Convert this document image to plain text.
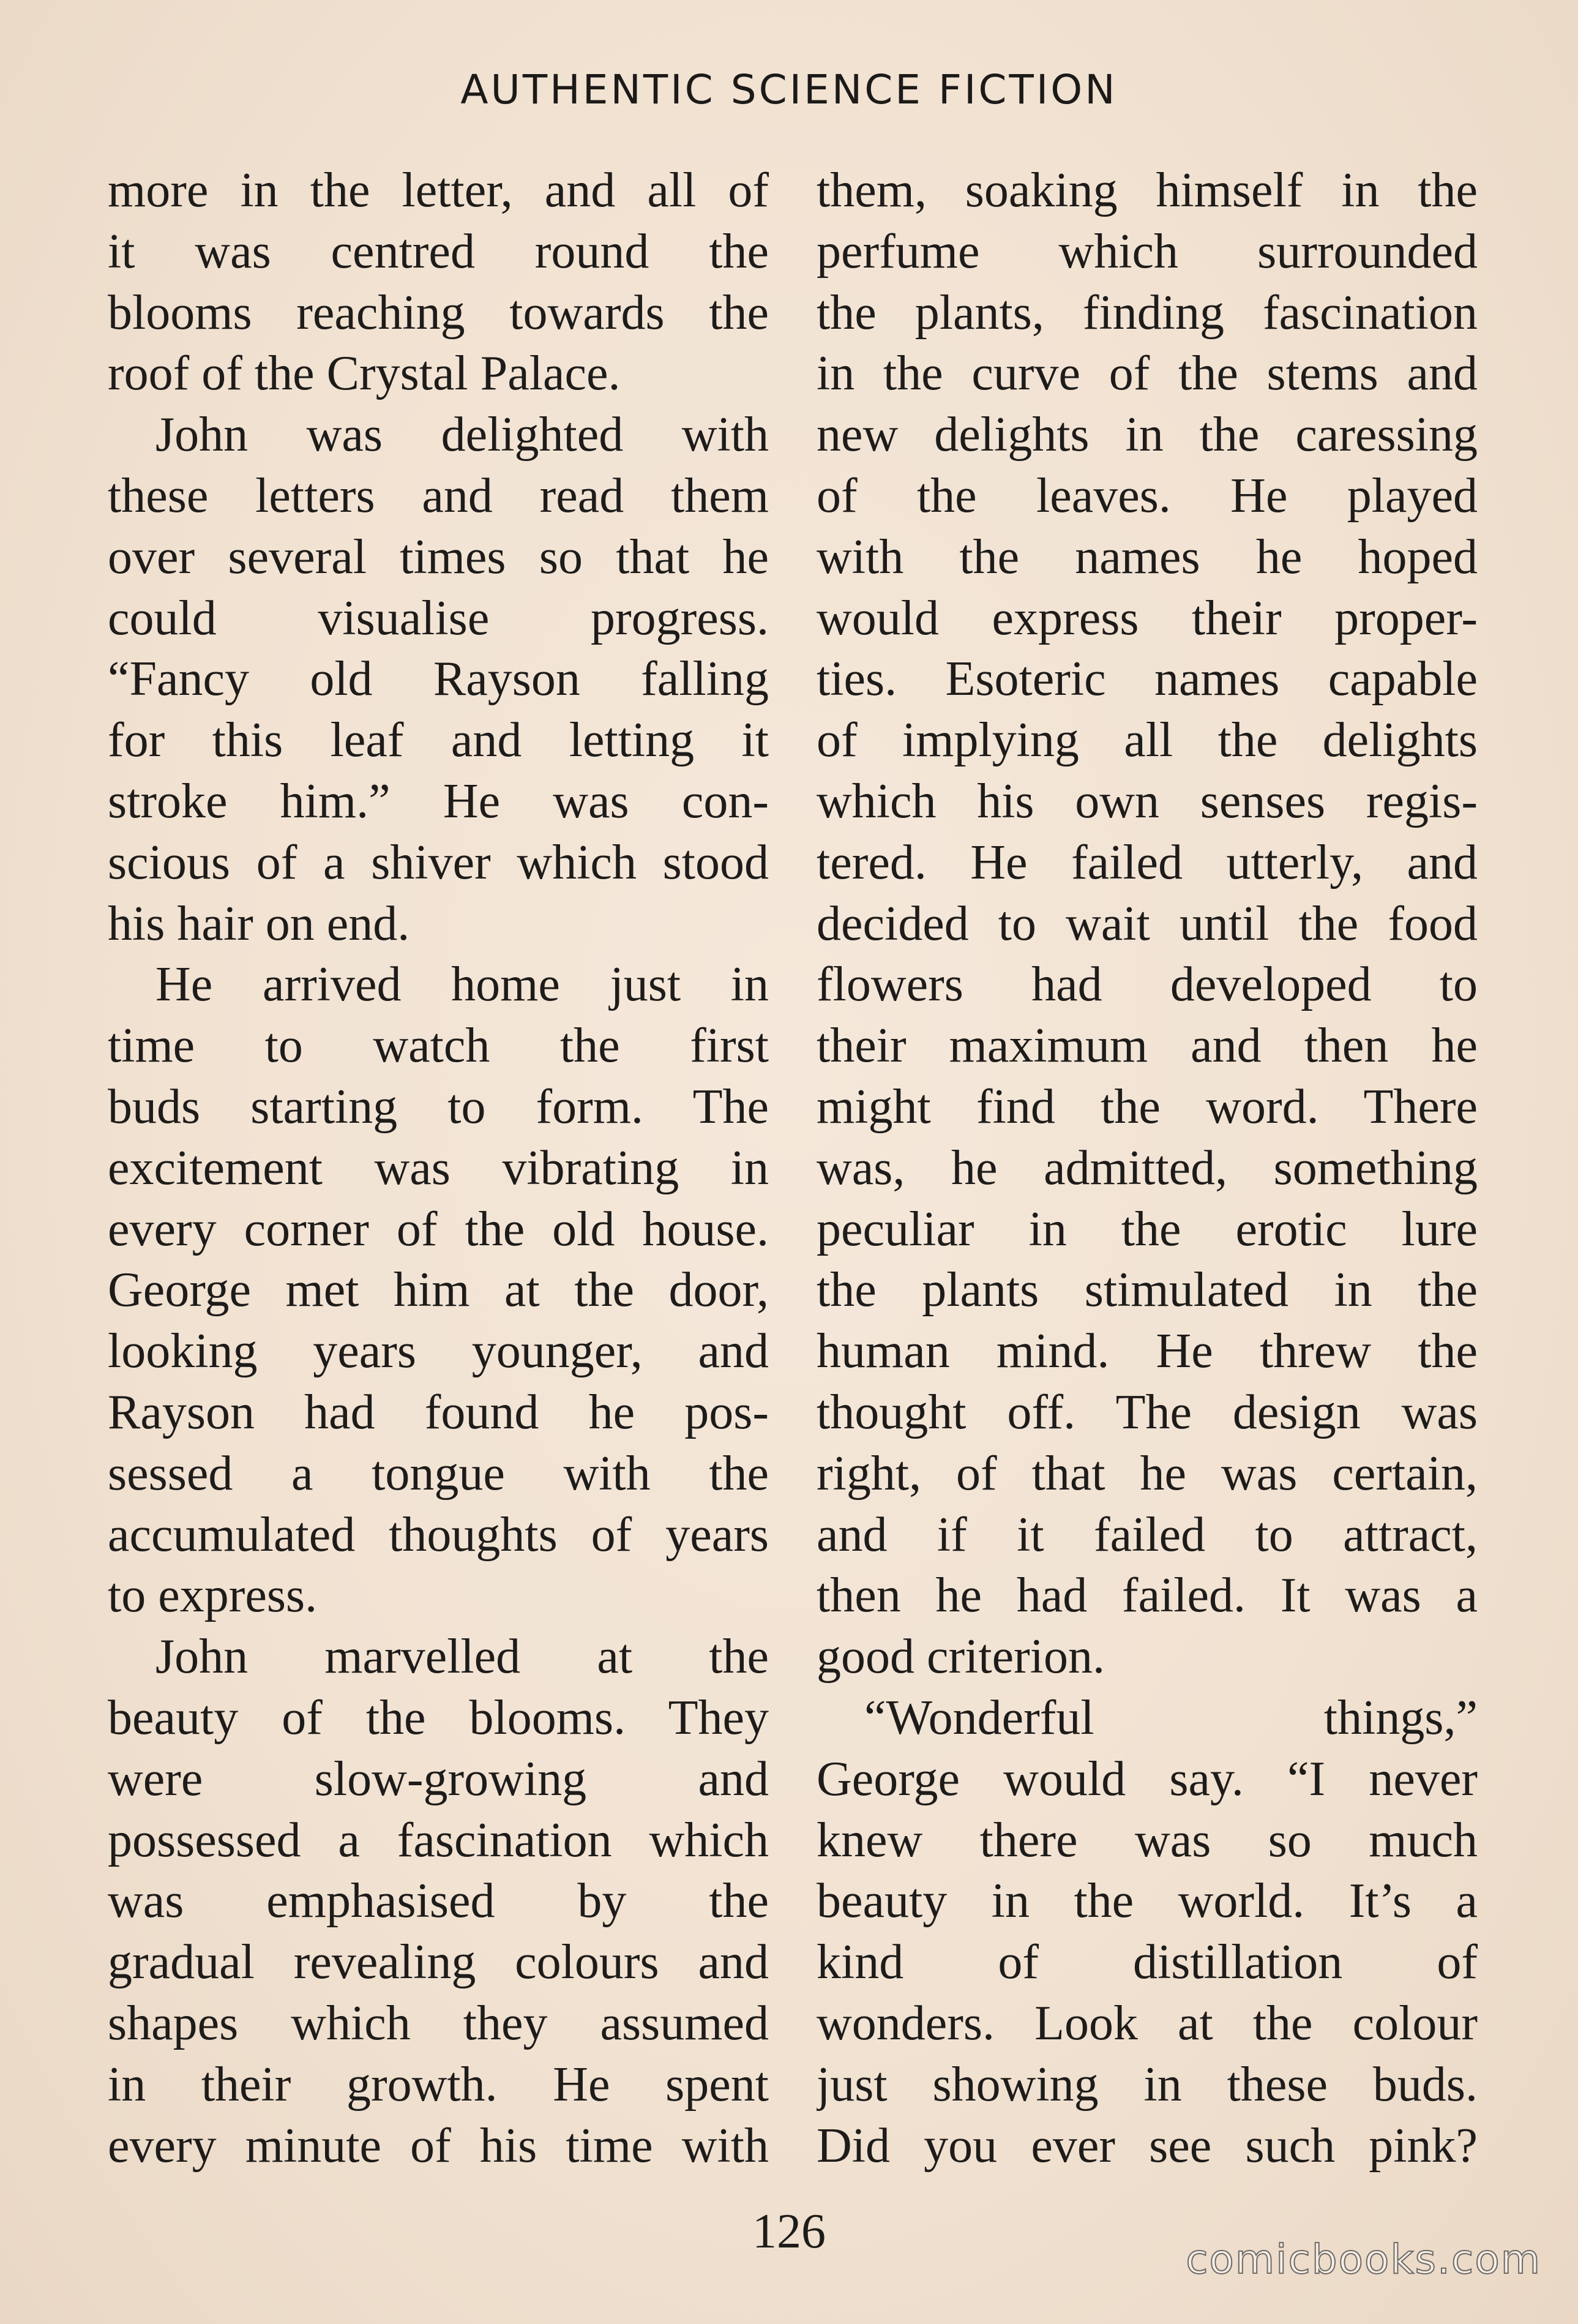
AUTHENTIC SCIENCE FICTION
more in the letter, and all of
it was centred round the
blooms reaching towards the
roof of the Crystal Palace.
John was delighted with
these letters and read them
over several times so that he
could visualise progress.
“Fancy old Rayson falling
for this leaf and letting it
stroke him.” He was con-
scious of a shiver which stood
his hair on end.
He arrived home just in
time to watch the first
buds starting to form. The
excitement was vibrating in
every corner of the old house.
George met him at the door,
looking years younger, and
Rayson had found he pos-
sessed a tongue with the
accumulated thoughts of years
to express.
John marvelled at the
beauty of the blooms. They
were slow-growing and
possessed a fascination which
was emphasised by the
gradual revealing colours and
shapes which they assumed
in their growth. He spent
every minute of his time with
them, soaking himself in the
perfume which surrounded
the plants, finding fascination
in the curve of the stems and
new delights in the caressing
of the leaves. He played
with the names he hoped
would express their proper-
ties. Esoteric names capable
of implying all the delights
which his own senses regis-
tered. He failed utterly, and
decided to wait until the food
flowers had developed to
their maximum and then he
might find the word. There
was, he admitted, something
peculiar in the erotic lure
the plants stimulated in the
human mind. He threw the
thought off. The design was
right, of that he was certain,
and if it failed to attract,
then he had failed. It was a
good criterion.
“Wonderful things,”
George would say. “I never
knew there was so much
beauty in the world. It’s a
kind of distillation of
wonders. Look at the colour
just showing in these buds.
Did you ever see such pink?
126
comicbooks.com
